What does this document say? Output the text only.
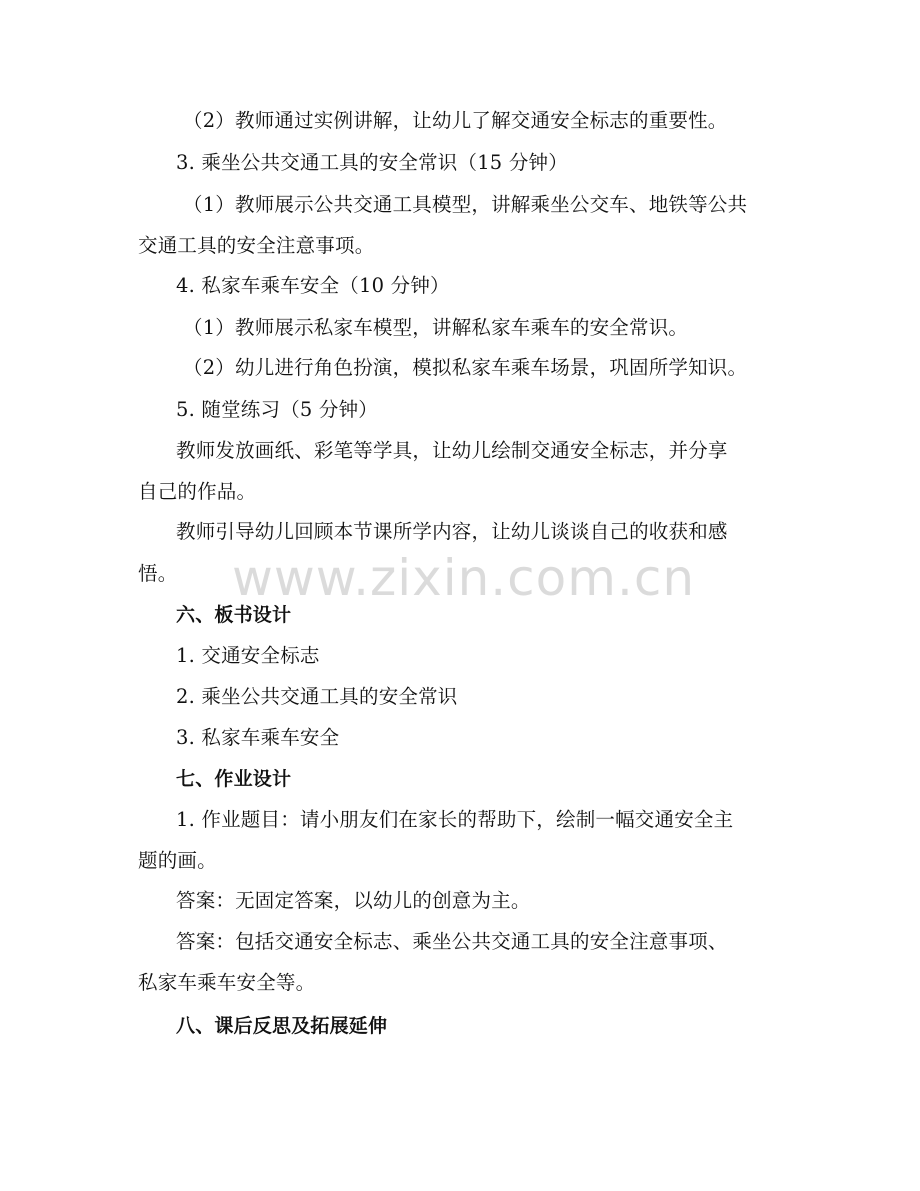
（2）教师通过实例讲解，让幼儿了解交通安全标志的重要性。
3. 乘坐公共交通工具的安全常识（15 分钟）
（1）教师展示公共交通工具模型，讲解乘坐公交车、地铁等公共
交通工具的安全注意事项。
4. 私家车乘车安全（10 分钟）
（1）教师展示私家车模型，讲解私家车乘车的安全常识。
（2）幼儿进行角色扮演，模拟私家车乘车场景，巩固所学知识。
5. 随堂练习（5 分钟）
教师发放画纸、彩笔等学具，让幼儿绘制交通安全标志，并分享
自己的作品。
教师引导幼儿回顾本节课所学内容，让幼儿谈谈自己的收获和感
悟。
六、板书设计
1. 交通安全标志
2. 乘坐公共交通工具的安全常识
3. 私家车乘车安全
七、作业设计
1. 作业题目：请小朋友们在家长的帮助下，绘制一幅交通安全主
题的画。
答案：无固定答案，以幼儿的创意为主。
答案：包括交通安全标志、乘坐公共交通工具的安全注意事项、
私家车乘车安全等。
八、课后反思及拓展延伸
www.zixin.com.cn
